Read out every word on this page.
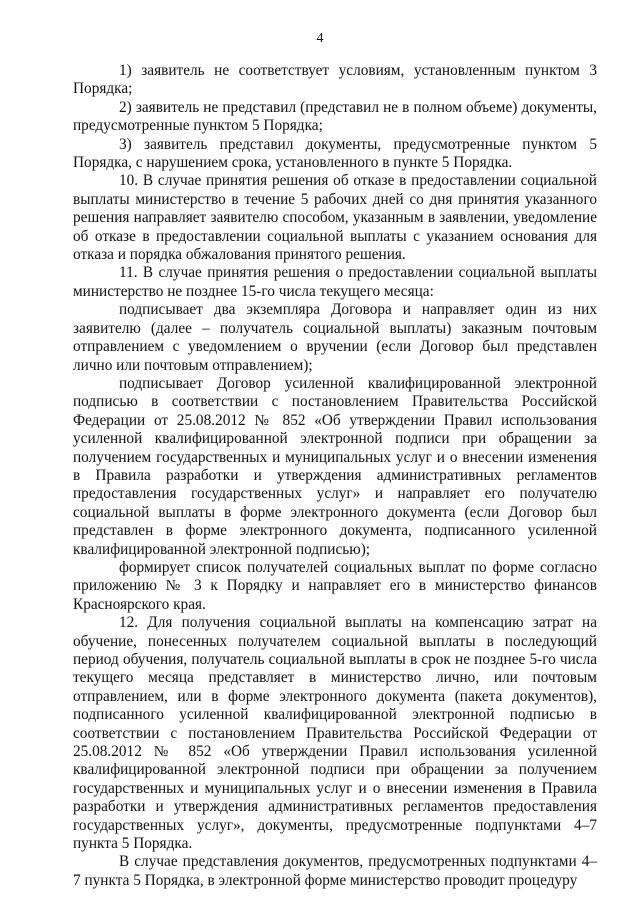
4

1) заявитель не соответствует условиям, установленным пунктом 3 Порядка;

2) заявитель не представил (представил не в полном объеме) документы, предусмотренные пунктом 5 Порядка;

3) заявитель представил документы, предусмотренные пунктом 5 Порядка, с нарушением срока, установленного в пункте 5 Порядка.

10. В случае принятия решения об отказе в предоставлении социальной выплаты министерство в течение 5 рабочих дней со дня принятия указанного решения направляет заявителю способом, указанным в заявлении, уведомление об отказе в предоставлении социальной выплаты с указанием основания для отказа и порядка обжалования принятого решения.

11. В случае принятия решения о предоставлении социальной выплаты министерство не позднее 15-го числа текущего месяца:

подписывает два экземпляра Договора и направляет один из них заявителю (далее – получатель социальной выплаты) заказным почтовым отправлением с уведомлением о вручении (если Договор был представлен лично или почтовым отправлением);

подписывает Договор усиленной квалифицированной электронной подписью в соответствии с постановлением Правительства Российской Федерации от 25.08.2012 № 852 «Об утверждении Правил использования усиленной квалифицированной электронной подписи при обращении за получением государственных и муниципальных услуг и о внесении изменения в Правила разработки и утверждения административных регламентов предоставления государственных услуг» и направляет его получателю социальной выплаты в форме электронного документа (если Договор был представлен в форме электронного документа, подписанного усиленной квалифицированной электронной подписью);

формирует список получателей социальных выплат по форме согласно приложению № 3 к Порядку и направляет его в министерство финансов Красноярского края.

12. Для получения социальной выплаты на компенсацию затрат на обучение, понесенных получателем социальной выплаты в последующий период обучения, получатель социальной выплаты в срок не позднее 5-го числа текущего месяца представляет в министерство лично, или почтовым отправлением, или в форме электронного документа (пакета документов), подписанного усиленной квалифицированной электронной подписью в соответствии с постановлением Правительства Российской Федерации от 25.08.2012 № 852 «Об утверждении Правил использования усиленной квалифицированной электронной подписи при обращении за получением государственных и муниципальных услуг и о внесении изменения в Правила разработки и утверждения административных регламентов предоставления государственных услуг», документы, предусмотренные подпунктами 4–7 пункта 5 Порядка.

В случае представления документов, предусмотренных подпунктами 4–7 пункта 5 Порядка, в электронной форме министерство проводит процедуру
